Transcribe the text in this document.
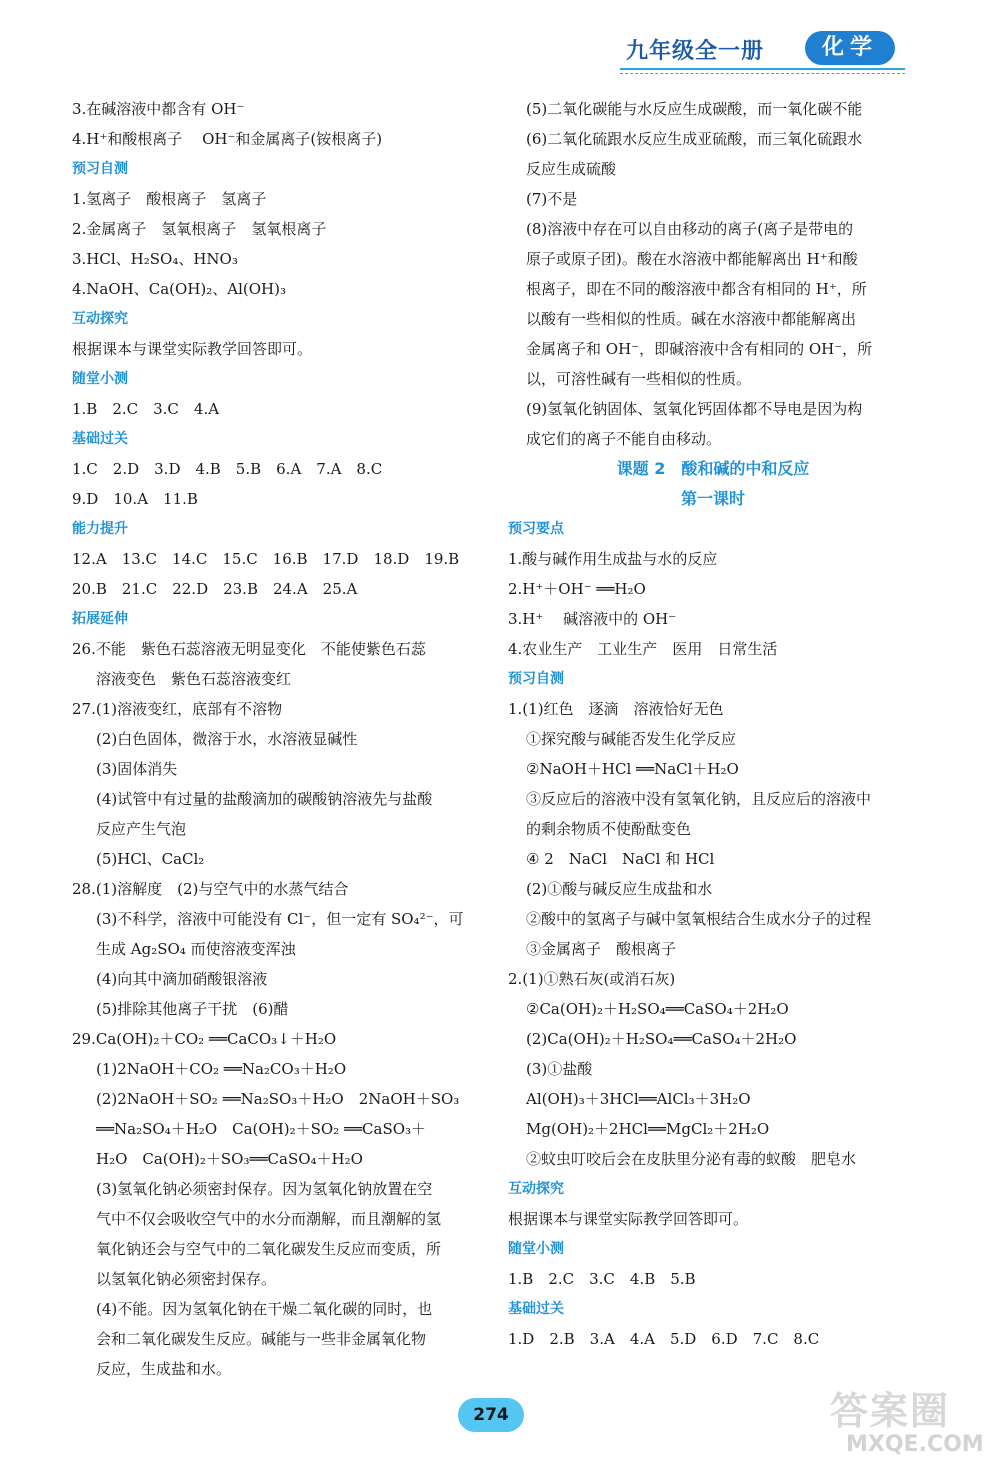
九年级全一册	化学
3.在碱溶液中都含有 OH⁻
4.H⁺和酸根离子　 OH⁻和金属离子(铵根离子)
预习自测
1.氢离子　酸根离子　氢离子
2.金属离子　氢氧根离子　氢氧根离子
3.HCl、H₂SO₄、HNO₃
4.NaOH、Ca(OH)₂、Al(OH)₃
互动探究
根据课本与课堂实际教学回答即可。
随堂小测
1.B　2.C　3.C　4.A
基础过关
1.C　2.D　3.D　4.B　5.B　6.A　7.A　8.C
9.D　10.A　11.B
能力提升
12.A　13.C　14.C　15.C　16.B　17.D　18.D　19.B
20.B　21.C　22.D　23.B　24.A　25.A
拓展延伸
26.不能　紫色石蕊溶液无明显变化　不能使紫色石蕊
溶液变色　紫色石蕊溶液变红
27.(1)溶液变红，底部有不溶物
(2)白色固体，微溶于水，水溶液显碱性
(3)固体消失
(4)试管中有过量的盐酸滴加的碳酸钠溶液先与盐酸
反应产生气泡
(5)HCl、CaCl₂
28.(1)溶解度　(2)与空气中的水蒸气结合
(3)不科学，溶液中可能没有 Cl⁻，但一定有 SO₄²⁻，可
生成 Ag₂SO₄ 而使溶液变浑浊
(4)向其中滴加硝酸银溶液
(5)排除其他离子干扰　(6)醋
29.Ca(OH)₂＋CO₂ ══CaCO₃↓＋H₂O
(1)2NaOH＋CO₂ ══Na₂CO₃＋H₂O
(2)2NaOH＋SO₂ ══Na₂SO₃＋H₂O　2NaOH＋SO₃
══Na₂SO₄＋H₂O　Ca(OH)₂＋SO₂ ══CaSO₃＋
H₂O　Ca(OH)₂＋SO₃══CaSO₄＋H₂O
(3)氢氧化钠必须密封保存。因为氢氧化钠放置在空
气中不仅会吸收空气中的水分而潮解，而且潮解的氢
氧化钠还会与空气中的二氧化碳发生反应而变质，所
以氢氧化钠必须密封保存。
(4)不能。因为氢氧化钠在干燥二氧化碳的同时，也
会和二氧化碳发生反应。碱能与一些非金属氧化物
反应，生成盐和水。
(5)二氧化碳能与水反应生成碳酸，而一氧化碳不能
(6)二氧化硫跟水反应生成亚硫酸，而三氧化硫跟水
反应生成硫酸
(7)不是
(8)溶液中存在可以自由移动的离子(离子是带电的
原子或原子团)。酸在水溶液中都能解离出 H⁺和酸
根离子，即在不同的酸溶液中都含有相同的 H⁺，所
以酸有一些相似的性质。碱在水溶液中都能解离出
金属离子和 OH⁻，即碱溶液中含有相同的 OH⁻，所
以，可溶性碱有一些相似的性质。
(9)氢氧化钠固体、氢氧化钙固体都不导电是因为构
成它们的离子不能自由移动。
课题 2　酸和碱的中和反应
第一课时
预习要点
1.酸与碱作用生成盐与水的反应
2.H⁺＋OH⁻ ══H₂O
3.H⁺　 碱溶液中的 OH⁻
4.农业生产　工业生产　医用　日常生活
预习自测
1.(1)红色　逐滴　溶液恰好无色
①探究酸与碱能否发生化学反应
②NaOH＋HCl ══NaCl＋H₂O
③反应后的溶液中没有氢氧化钠，且反应后的溶液中
的剩余物质不使酚酞变色
④ 2　NaCl　NaCl 和 HCl
(2)①酸与碱反应生成盐和水
②酸中的氢离子与碱中氢氧根结合生成水分子的过程
③金属离子　酸根离子
2.(1)①熟石灰(或消石灰)
②Ca(OH)₂＋H₂SO₄══CaSO₄＋2H₂O
(2)Ca(OH)₂＋H₂SO₄══CaSO₄＋2H₂O
(3)①盐酸
Al(OH)₃＋3HCl══AlCl₃＋3H₂O
Mg(OH)₂＋2HCl══MgCl₂＋2H₂O
②蚊虫叮咬后会在皮肤里分泌有毒的蚁酸　肥皂水
互动探究
根据课本与课堂实际教学回答即可。
随堂小测
1.B　2.C　3.C　4.B　5.B
基础过关
1.D　2.B　3.A　4.A　5.D　6.D　7.C　8.C
274	答案圈
MXQE.COM
